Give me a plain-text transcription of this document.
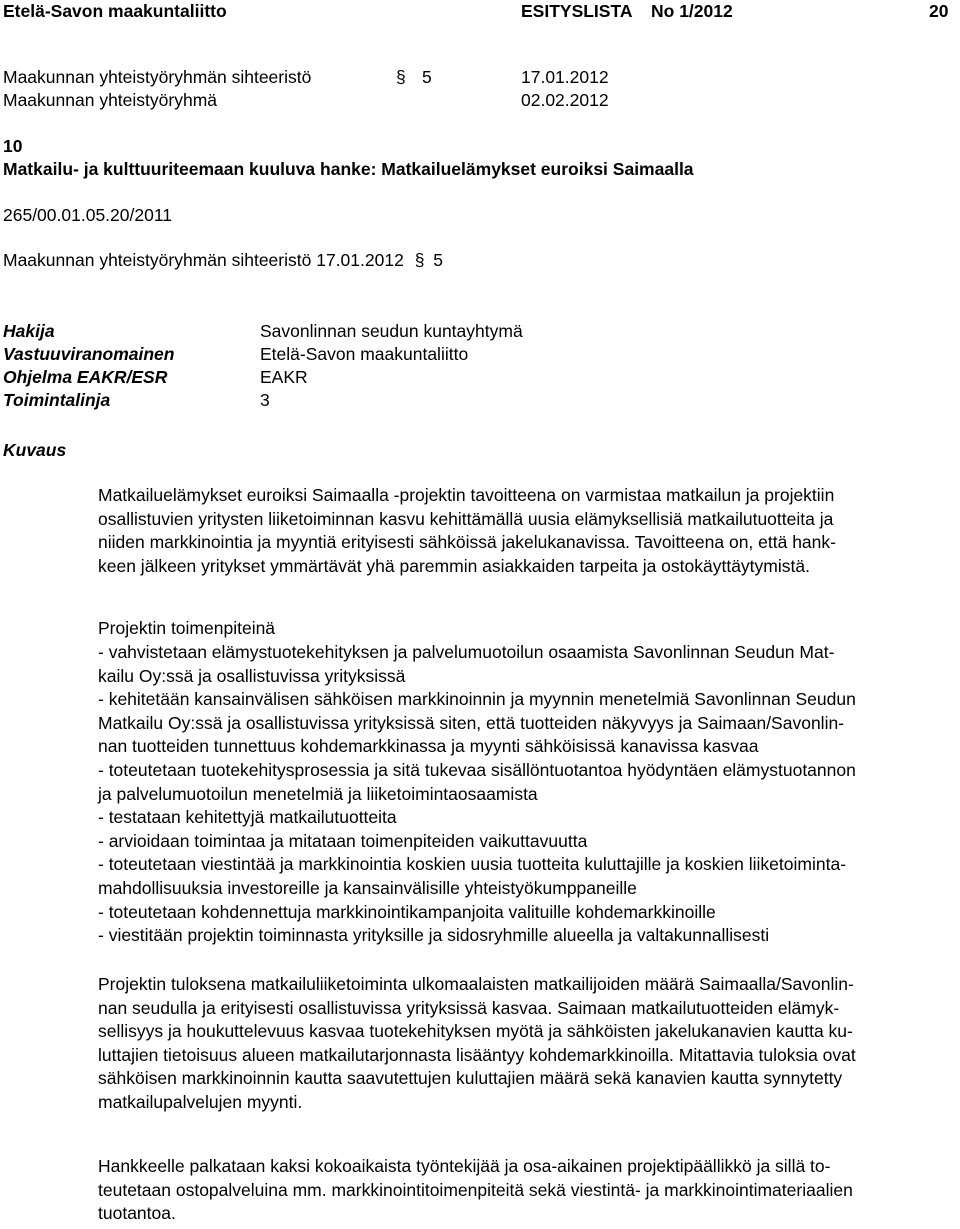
Etelä-Savon maakuntaliitto	ESITYSLISTA No 1/2012	20
Maakunnan yhteistyöryhmän sihteeristö	§ 5	17.01.2012
Maakunnan yhteistyöryhmä	02.02.2012
10
Matkailu- ja kulttuuriteemaan kuuluva hanke: Matkailuelämykset euroiksi Saimaalla
265/00.01.05.20/2011
Maakunnan yhteistyöryhmän sihteeristö 17.01.2012 § 5
Hakija	Savonlinnan seudun kuntayhtymä
Vastuuviranomainen	Etelä-Savon maakuntaliitto
Ohjelma EAKR/ESR	EAKR
Toimintalinja	3
Kuvaus
Matkailuelämykset euroiksi Saimaalla -projektin tavoitteena on varmistaa matkailun ja projektiin
osallistuvien yritysten liiketoiminnan kasvu kehittämällä uusia elämyksellisiä matkailutuotteita ja
niiden markkinointia ja myyntiä erityisesti sähköissä jakelukanavissa. Tavoitteena on, että hank-
keen jälkeen yritykset ymmärtävät yhä paremmin asiakkaiden tarpeita ja ostokäyttäytymistä.
Projektin toimenpiteinä
- vahvistetaan elämystuotekehityksen ja palvelumuotoilun osaamista Savonlinnan Seudun Mat-
kailu Oy:ssä ja osallistuvissa yrityksissä
- kehitetään kansainvälisen sähköisen markkinoinnin ja myynnin menetelmiä Savonlinnan Seudun
Matkailu Oy:ssä ja osallistuvissa yrityksissä siten, että tuotteiden näkyvyys ja Saimaan/Savonlin-
nan tuotteiden tunnettuus kohdemarkkinassa ja myynti sähköisissä kanavissa kasvaa
- toteutetaan tuotekehitysprosessia ja sitä tukevaa sisällöntuotantoa hyödyntäen elämystuotannon
ja palvelumuotoilun menetelmiä ja liiketoimintaosaamista
- testataan kehitettyjä matkailutuotteita
- arvioidaan toimintaa ja mitataan toimenpiteiden vaikuttavuutta
- toteutetaan viestintää ja markkinointia koskien uusia tuotteita kuluttajille ja koskien liiketoiminta-
mahdollisuuksia investoreille ja kansainvälisille yhteistyökumppaneille
- toteutetaan kohdennettuja markkinointikampanjoita valituille kohdemarkkinoille
- viestitään projektin toiminnasta yrityksille ja sidosryhmille alueella ja valtakunnallisesti
Projektin tuloksena matkailuliiketoiminta ulkomaalaisten matkailijoiden määrä Saimaalla/Savonlin-
nan seudulla ja erityisesti osallistuvissa yrityksissä kasvaa. Saimaan matkailutuotteiden elämyk-
sellisyys ja houkuttelevuus kasvaa tuotekehityksen myötä ja sähköisten jakelukanavien kautta ku-
luttajien tietoisuus alueen matkailutarjonnasta lisääntyy kohdemarkkinoilla. Mitattavia tuloksia ovat
sähköisen markkinoinnin kautta saavutettujen kuluttajien määrä sekä kanavien kautta synnytetty
matkailupalvelujen myynti.
Hankkeelle palkataan kaksi kokoaikaista työntekijää ja osa-aikainen projektipäällikkö ja sillä to-
teutetaan ostopalveluina mm. markkinointitoimenpiteitä sekä viestintä- ja markkinointimateriaalien
tuotantoa.
